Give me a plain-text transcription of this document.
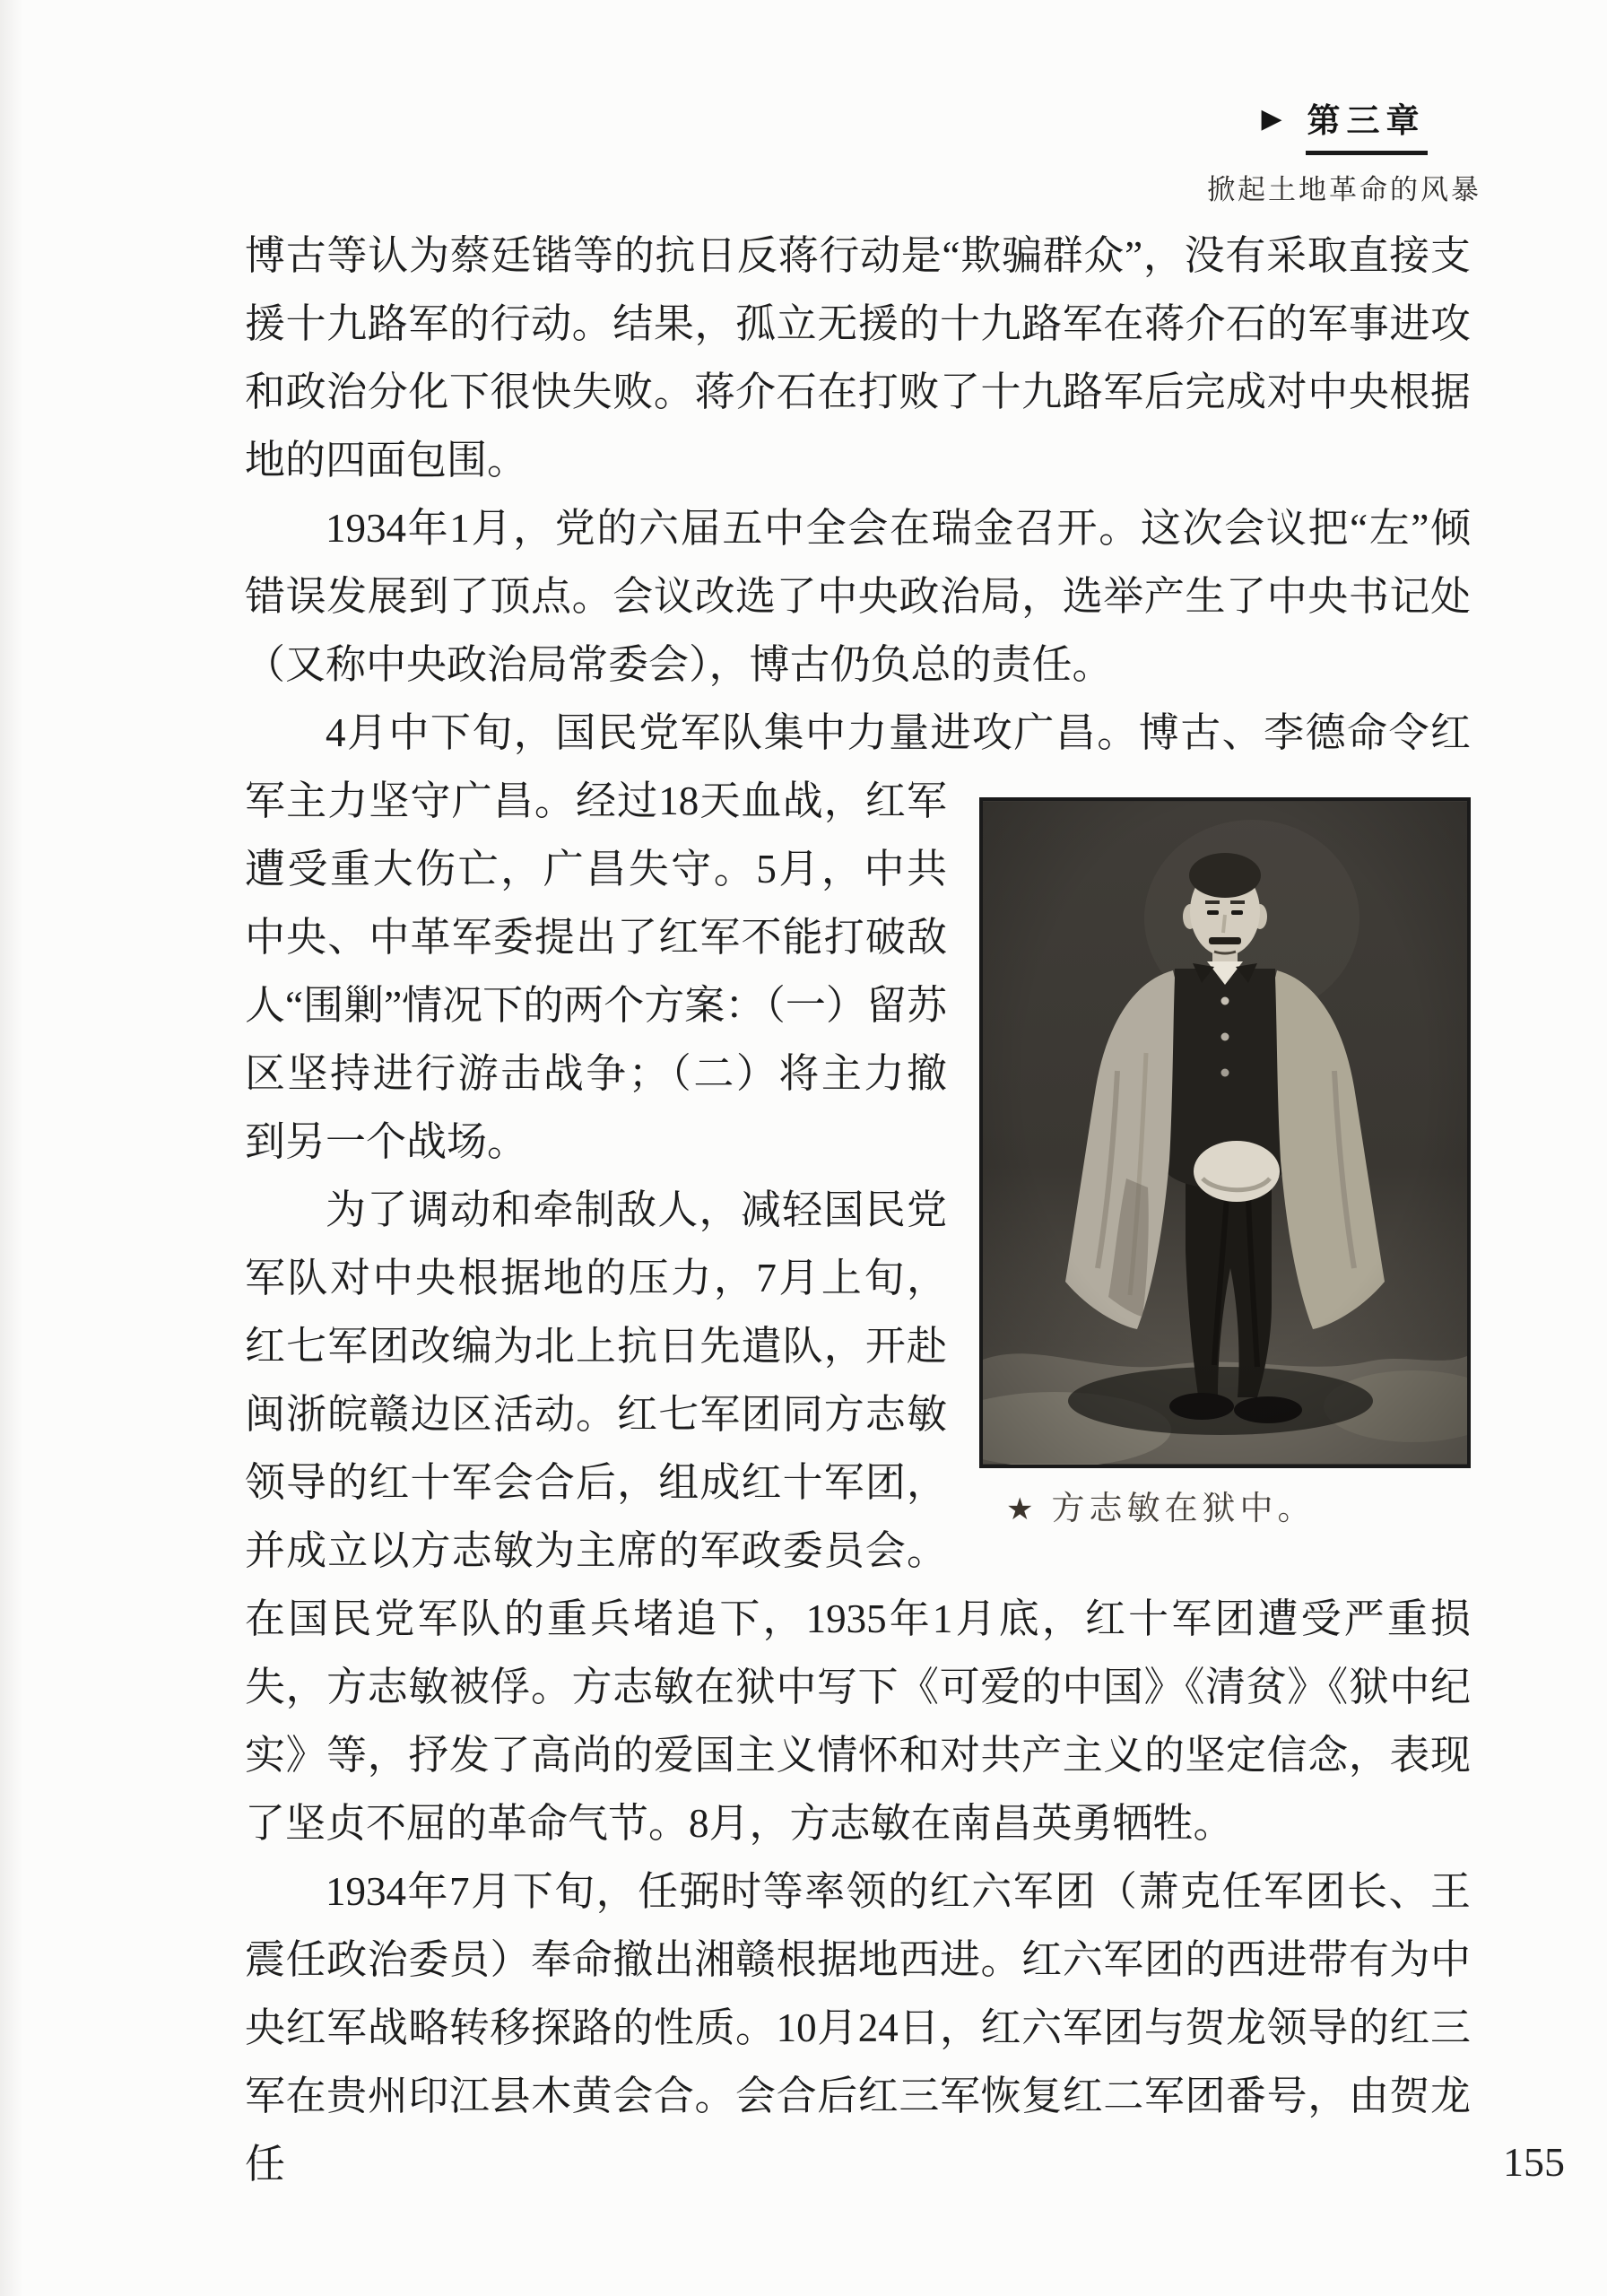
▶ 第三章
掀起土地革命的风暴

博古等认为蔡廷锴等的抗日反蒋行动是“欺骗群众”，没有采取直接支援十九路军的行动。结果，孤立无援的十九路军在蒋介石的军事进攻和政治分化下很快失败。蒋介石在打败了十九路军后完成对中央根据地的四面包围。

1934年1月，党的六届五中全会在瑞金召开。这次会议把“左”倾错误发展到了顶点。会议改选了中央政治局，选举产生了中央书记处（又称中央政治局常委会），博古仍负总的责任。

4月中下旬，国民党军队集中力量进攻广昌。博古、李德命令红
★ 方志敏在狱中。
军主力坚守广昌。经过18天血战，红军遭受重大伤亡，广昌失守。5月，中共中央、中革军委提出了红军不能打破敌人“围剿”情况下的两个方案：（一）留苏区坚持进行游击战争；（二）将主力撤到另一个战场。

为了调动和牵制敌人，减轻国民党军队对中央根据地的压力，7月上旬，红七军团改编为北上抗日先遣队，开赴闽浙皖赣边区活动。红七军团同方志敏领导的红十军会合后，组成红十军团，并成立以方志敏为主席的军政委员会。在国民党军队的重兵堵追下，1935年1月底，红十军团遭受严重损失，方志敏被俘。方志敏在狱中写下《可爱的中国》《清贫》《狱中纪实》等，抒发了高尚的爱国主义情怀和对共产主义的坚定信念，表现了坚贞不屈的革命气节。8月，方志敏在南昌英勇牺牲。

1934年7月下旬，任弼时等率领的红六军团（萧克任军团长、王震任政治委员）奉命撤出湘赣根据地西进。红六军团的西进带有为中央红军战略转移探路的性质。10月24日，红六军团与贺龙领导的红三军在贵州印江县木黄会合。会合后红三军恢复红二军团番号，由贺龙任	155
